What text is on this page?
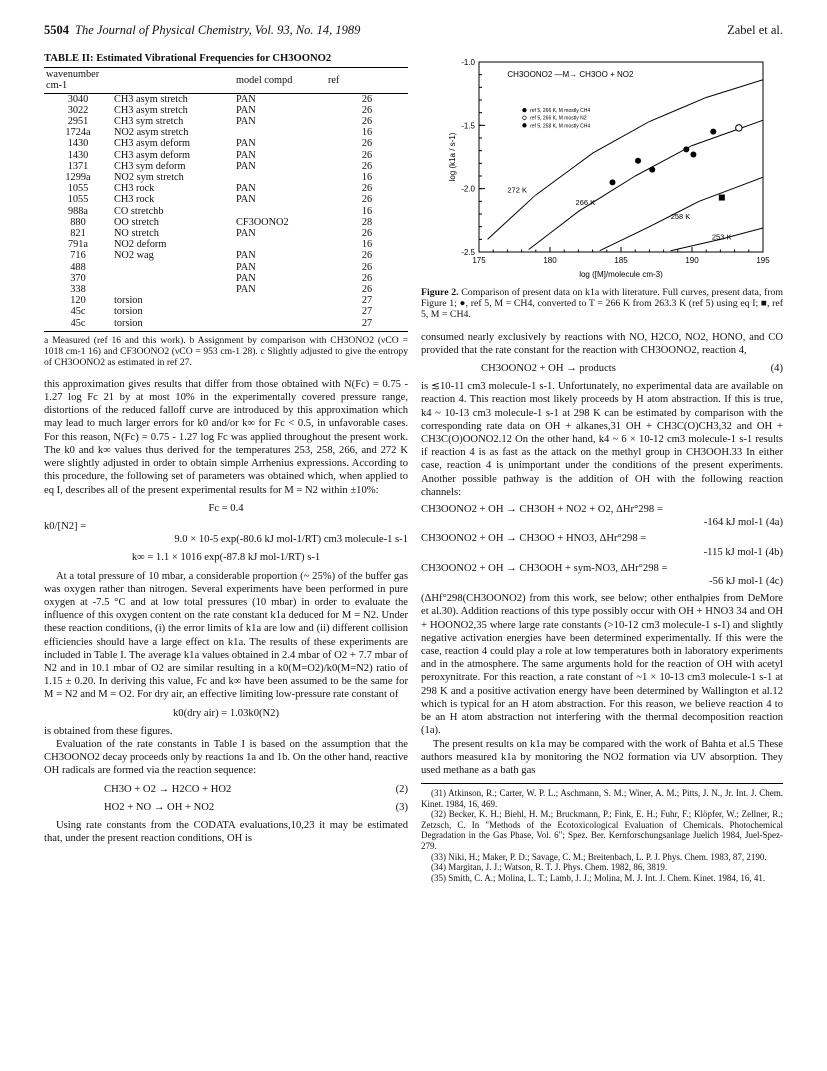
5504 The Journal of Physical Chemistry, Vol. 93, No. 14, 1989	Zabel et al.
TABLE II: Estimated Vibrational Frequencies for CH3OONO2
wavenumber cm-1		model compd	ref
3040	CH3 asym stretch	PAN	26
3022	CH3 asym stretch	PAN	26
2951	CH3 sym stretch	PAN	26
1724a	NO2 asym stretch		16
1430	CH3 asym deform	PAN	26
1430	CH3 asym deform	PAN	26
1371	CH3 sym deform	PAN	26
1299a	NO2 sym stretch		16
1055	CH3 rock	PAN	26
1055	CH3 rock	PAN	26
988a	CO stretchb		16
880	OO stretch	CF3OONO2	28
821	NO stretch	PAN	26
791a	NO2 deform		16
716	NO2 wag	PAN	26
488		PAN	26
370		PAN	26
338		PAN	26
120	torsion		27
45c	torsion		27
45c	torsion		27

a Measured (ref 16 and this work). b Assignment by comparison with CH3ONO2 (νCO = 1018 cm-1 16) and CF3OONO2 (νCO = 953 cm-1 28). c Slightly adjusted to give the entropy of CH3OONO2 as estimated in ref 27.

this approximation gives results that differ from those obtained with N(Fc) = 0.75 - 1.27 log Fc 21 by at most 10% in the experimentally covered pressure range, distortions of the reduced falloff curve are introduced by this approximation which may lead to much larger errors for k0 and/or k∞ for Fc < 0.5, in unfavorable cases. For this reason, N(Fc) = 0.75 - 1.27 log Fc was applied throughout the present work. The k0 and k∞ values thus derived for the temperatures 253, 258, 266, and 272 K were slightly adjusted in order to obtain simple Arrhenius expressions. According to this procedure, the following set of parameters was obtained which, when applied to eq I, describes all of the present experimental results for M = N2 within ±10%:

Fc = 0.4
k0/[N2] =
9.0 × 10-5 exp(-80.6 kJ mol-1/RT) cm3 molecule-1 s-1
k∞ = 1.1 × 1016 exp(-87.8 kJ mol-1/RT) s-1

At a total pressure of 10 mbar, a considerable proportion (~ 25%) of the buffer gas was oxygen rather than nitrogen. Several experiments have been performed in pure oxygen at -7.5 °C and at low total pressures (10 mbar) in order to evaluate the influence of this oxygen content on the rate constant k1a deduced for M = N2. Under these reaction conditions, (i) the error limits of k1a are low and (ii) different collision efficiencies should have a large effect on k1a. The results of these experiments are included in Table I. The average k1a values obtained in 2.4 mbar of O2 + 7.7 mbar of N2 and in 10.1 mbar of O2 are similar resulting in a k0(M=O2)/k0(M=N2) ratio of 1.15 ± 0.20. In deriving this value, Fc and k∞ have been assumed to be the same for M = N2 and M = O2. For dry air, an effective limiting low-pressure rate constant of

k0(dry air) = 1.03k0(N2)

is obtained from these figures.

Evaluation of the rate constants in Table I is based on the assumption that the CH3OONO2 decay proceeds only by reactions 1a and 1b. On the other hand, reactive OH radicals are formed via the reaction sequence:

CH3O + O2 → H2CO + HO2	(2)
HO2 + NO → OH + NO2	(3)

Using rate constants from the CODATA evaluations,10,23 it may be estimated that, under the present reaction conditions, OH is

175	180	185	190	195
-1.0
-1.5
-2.0
-2.5
log ([M]/molecule cm-3)
log (k1a / s-1)
CH3OONO2 —M→ CH3OO + NO2
ref 5, 266 K, M mostly CH4
ref 5, 266 K, M mostly N2
ref 5, 258 K, M mostly CH4
272 K
266 K
258 K
253 K

Figure 2. Comparison of present data on k1a with literature. Full curves, present data, from Figure 1; ●, ref 5, M = CH4, converted to T = 266 K from 263.3 K (ref 5) using eq I; ■, ref 5, M = CH4.

consumed nearly exclusively by reactions with NO, H2CO, NO2, HONO, and CO provided that the rate constant for the reaction with CH3OONO2, reaction 4,

CH3OONO2 + OH → products	(4)

is ≲10-11 cm3 molecule-1 s-1. Unfortunately, no experimental data are available on reaction 4. This reaction most likely proceeds by H atom abstraction. If this is true, k4 ~ 10-13 cm3 molecule-1 s-1 at 298 K can be estimated by comparison with the corresponding rate data on OH + alkanes,31 OH + CH3C(O)CH3,32 and OH + CH3C(O)OONO2.12 On the other hand, k4 ~ 6 × 10-12 cm3 molecule-1 s-1 results if reaction 4 is as fast as the attack on the methyl group in CH3OOH.33 In either case, reaction 4 is unimportant under the conditions of the present experiments. Another possible pathway is the addition of OH with the following reaction channels:

CH3OONO2 + OH → CH3OH + NO2 + O2, ΔHr°298 =
-164 kJ mol-1 (4a)
CH3OONO2 + OH → CH3OO + HNO3, ΔHr°298 =
-115 kJ mol-1 (4b)
CH3OONO2 + OH → CH3OOH + sym-NO3, ΔHr°298 =
-56 kJ mol-1 (4c)

(ΔHf°298(CH3OONO2) from this work, see below; other enthalpies from DeMore et al.30). Addition reactions of this type possibly occur with OH + HNO3 34 and OH + HOONO2,35 where large rate constants (>10-12 cm3 molecule-1 s-1) and slightly negative activation energies have been determined experimentally. If this were the case, reaction 4 could play a role at low temperatures both in laboratory experiments and in the atmosphere. The same arguments hold for the reaction of OH with acetyl peroxynitrate. For this reaction, a rate constant of ~1 × 10-13 cm3 molecule-1 s-1 at 298 K and a positive activation energy have been determined by Wallington et al.12 which is typical for an H atom abstraction. For this reason, we believe reaction 4 to be an H atom abstraction not interfering with the thermal decomposition reaction (1a).

The present results on k1a may be compared with the work of Bahta et al.5 These authors measured k1a by monitoring the NO2 formation via UV absorption. They used methane as a bath gas

(31) Atkinson, R.; Carter, W. P. L.; Aschmann, S. M.; Winer, A. M.; Pitts, J. N., Jr. Int. J. Chem. Kinet. 1984, 16, 469.

(32) Becker, K. H.; Biehl, H. M.; Bruckmann, P.; Fink, E. H.; Fuhr, F.; Klöpfer, W.; Zellner, R.; Zetzsch, C. In "Methods of the Ecotoxicological Evaluation of Chemicals. Photochemical Degradation in the Gas Phase, Vol. 6"; Spez. Ber. Kernforschungsanlage Juelich 1984, Juel-Spez-279.

(33) Niki, H.; Maker, P. D.; Savage, C. M.; Breitenbach, L. P. J. Phys. Chem. 1983, 87, 2190.

(34) Margitan, J. J.; Watson, R. T. J. Phys. Chem. 1982, 86, 3819.

(35) Smith, C. A.; Molina, L. T.; Lamb, J. J.; Molina, M. J. Int. J. Chem. Kinet. 1984, 16, 41.
